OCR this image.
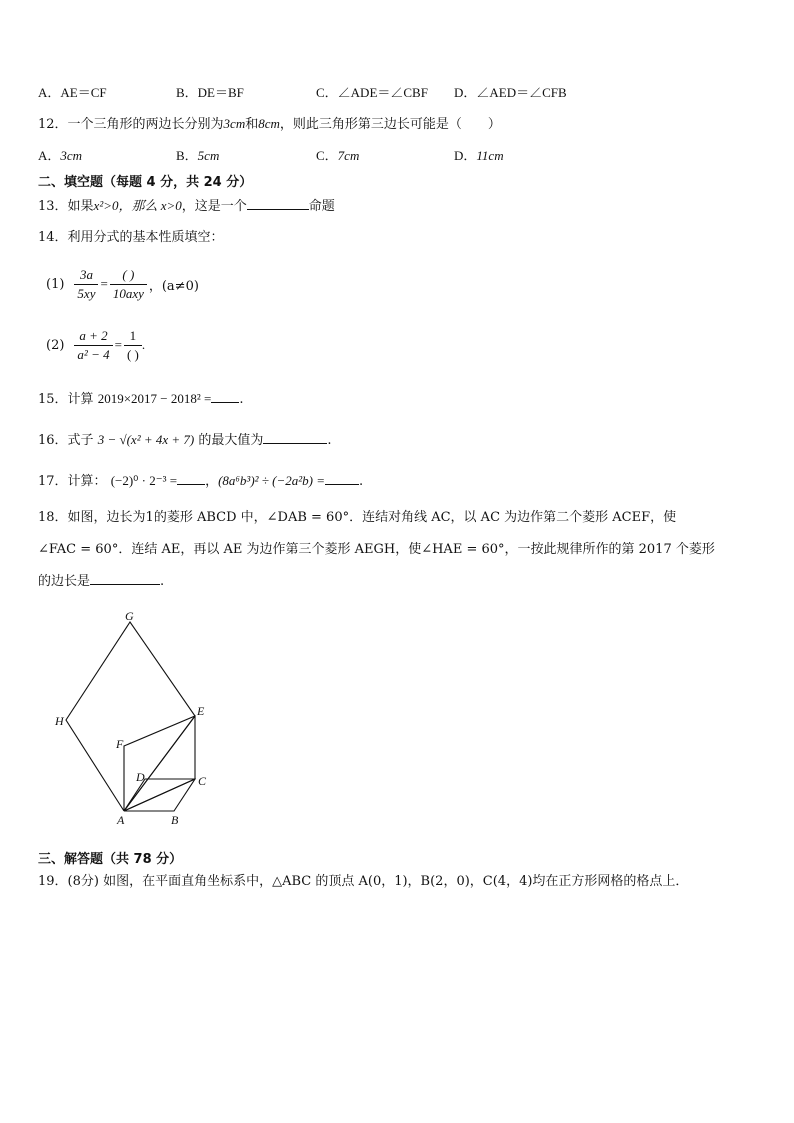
A．AE＝CF	B．DE＝BF	C．∠ADE＝∠CBF D．∠AED＝∠CFB
12．一个三角形的两边长分别为3cm和8cm，则此三角形第三边长可能是（　　）
A．3cm	B．5cm	C．7cm	D．11cm
二、填空题（每题 4 分，共 24 分）
13．如果x²>0，那么 x>0，这是一个	命题
14．利用分式的基本性质填空：
$(1) \frac{3a}{5xy} = \frac{( )}{\text{10axy}}$ ，(a≠0)
$(2) \frac{a + 2}{\text{a² − 4}} = \frac{1}{( )}$ .
15．计算 2019×2017 − 2018² = .
16．式子 3 − √(x² + 4x + 7) 的最大值为	.
17．计算： (−2)⁰ · 2⁻³ = ，(8a⁶b³)² ÷ (−2a²b) =	.
18．如图，边长为1的菱形 ABCD 中，∠DAB = 60°．连结对角线 AC，以 AC 为边作第二个菱形 ACEF，使
∠FAC = 60°．连结 AE，再以 AE 为边作第三个菱形 AEGH，使∠HAE = 60°，一按此规律所作的第 2017 个菱形
的边长是	.
G
E
H
F
D	C
A	B
三、解答题（共 78 分）
19．(8分) 如图，在平面直角坐标系中，△ABC 的顶点 A(0，1)，B(2，0)，C(4，4)均在正方形网格的格点上．
